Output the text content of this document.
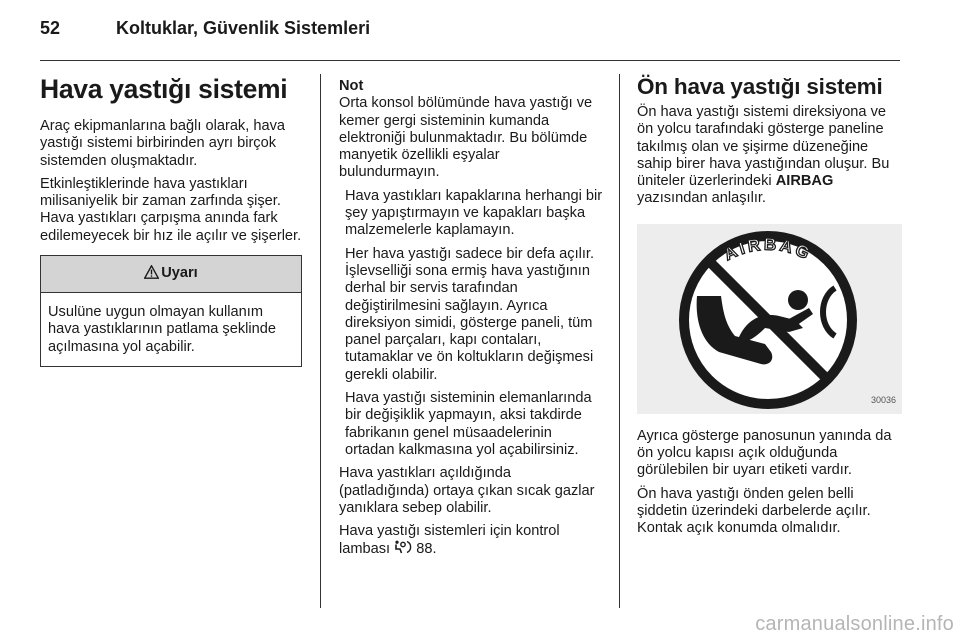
52	Koltuklar, Güvenlik Sistemleri
Hava yastığı sistemi

Araç ekipmanlarına bağlı olarak, hava yastığı sistemi birbirinden ayrı birçok sistemden oluşmaktadır.

Etkinleştiklerinde hava yastıkları milisaniyelik bir zaman zarfında şişer. Hava yastıkları çarpışma anında fark edilemeyecek bir hız ile açılır ve şişerler.

Uyarı
Usulüne uygun olmayan kullanım hava yastıklarının patlama şeklinde açılmasına yol açabilir.

Not

Orta konsol bölümünde hava yastığı ve kemer gergi sisteminin kumanda elektroniği bulunmaktadır. Bu bölümde manyetik özellikli eşyalar bulundurmayın.

Hava yastıkları kapaklarına herhangi bir şey yapıştırmayın ve kapakları başka malzemelerle kaplamayın.

Her hava yastığı sadece bir defa açılır. İşlevselliği sona ermiş hava yastığının derhal bir servis tarafından değiştirilmesini sağlayın. Ayrıca direksiyon simidi, gösterge paneli, tüm panel parçaları, kapı contaları, tutamaklar ve ön koltukların değişmesi gerekli olabilir.

Hava yastığı sisteminin elemanlarında bir değişiklik yapmayın, aksi takdirde fabrikanın genel müsaadelerinin ortadan kalkmasına yol açabilirsiniz.

Hava yastıkları açıldığında (patladığında) ortaya çıkan sıcak gazlar yanıklara sebep olabilir.

Hava yastığı sistemleri için kontrol lambası 88.

Ön hava yastığı sistemi

Ön hava yastığı sistemi direksiyona ve ön yolcu tarafındaki gösterge paneline takılmış olan ve şişirme düzeneğine sahip birer hava yastığından oluşur. Bu üniteler üzerlerindeki AIRBAG yazısından anlaşılır.

AIRBAG
30036

Ayrıca gösterge panosunun yanında da ön yolcu kapısı açık olduğunda görülebilen bir uyarı etiketi vardır.

Ön hava yastığı önden gelen belli şiddetin üzerindeki darbelerde açılır. Kontak açık konumda olmalıdır.

carmanualsonline.info
